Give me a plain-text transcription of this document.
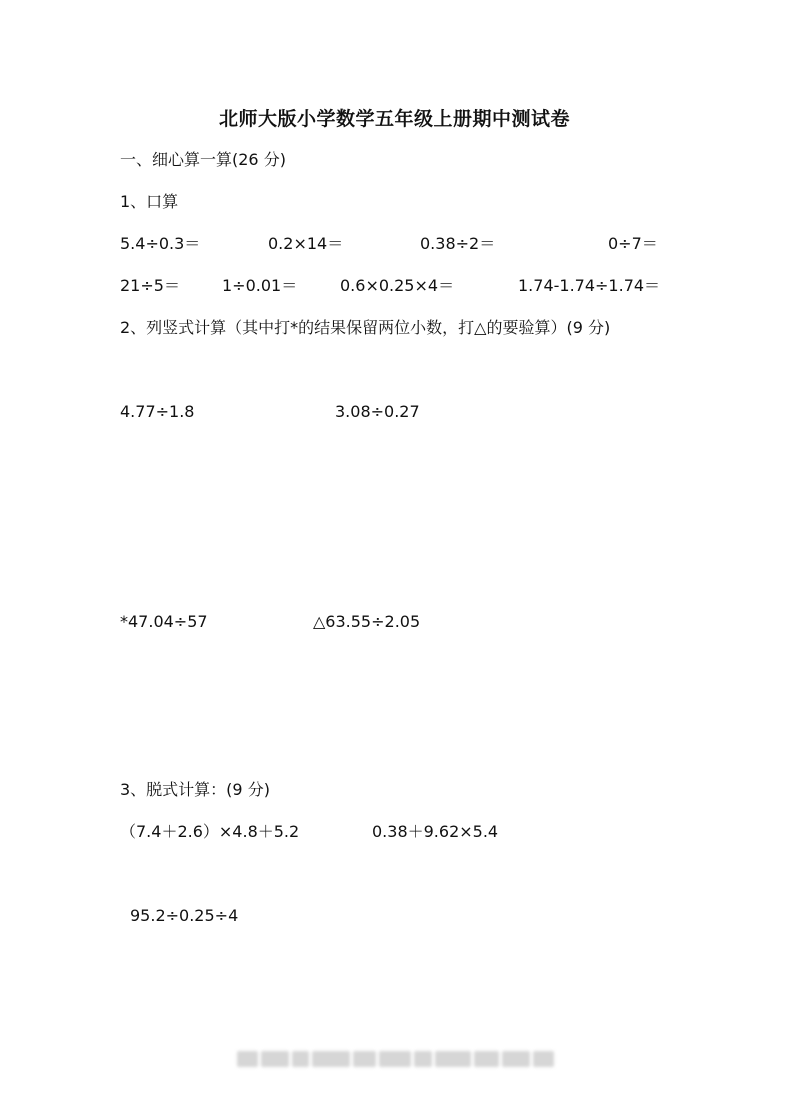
北师大版小学数学五年级上册期中测试卷
一、细心算一算(26 分)
1、口算
5.4÷0.3＝	0.2×14＝	0.38÷2＝	0÷7＝
21÷5＝	1÷0.01＝	0.6×0.25×4＝	1.74-1.74÷1.74＝
2、列竖式计算（其中打*的结果保留两位小数，打△的要验算）(9 分)
4.77÷1.8	3.08÷0.27
*47.04÷57	△63.55÷2.05
3、脱式计算：(9 分)
（7.4＋2.6）×4.8＋5.2	0.38＋9.62×5.4
95.2÷0.25÷4
